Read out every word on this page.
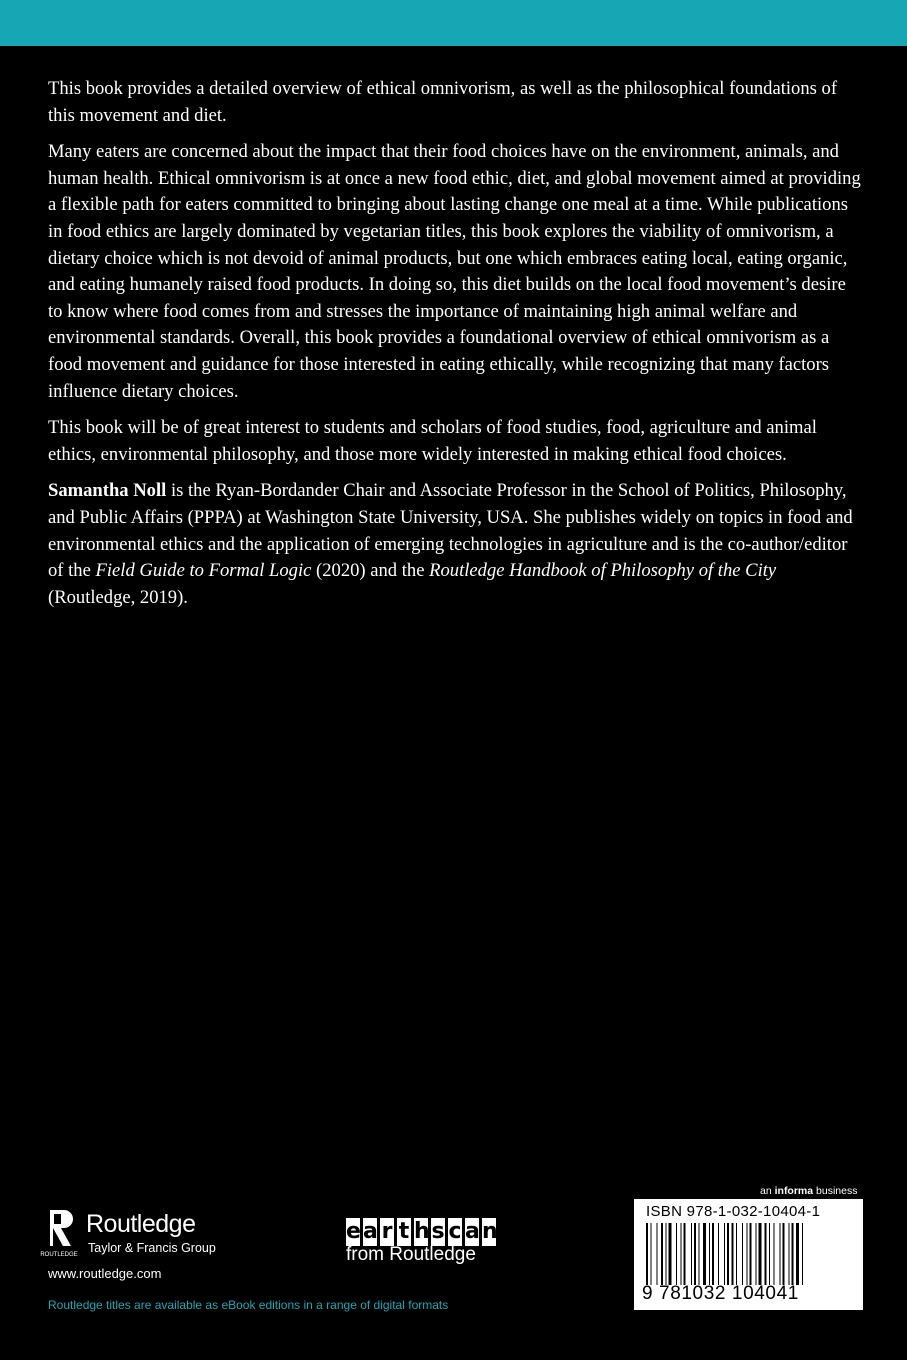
This book provides a detailed overview of ethical omnivorism, as well as the philosophical foundations of this movement and diet.

Many eaters are concerned about the impact that their food choices have on the environment, animals, and human health. Ethical omnivorism is at once a new food ethic, diet, and global movement aimed at providing a flexible path for eaters committed to bringing about lasting change one meal at a time. While publications in food ethics are largely dominated by vegetarian titles, this book explores the viability of omnivorism, a dietary choice which is not devoid of animal products, but one which embraces eating local, eating organic, and eating humanely raised food products. In doing so, this diet builds on the local food movement’s desire to know where food comes from and stresses the importance of maintaining high animal welfare and environmental standards. Overall, this book provides a foundational overview of ethical omnivorism as a food movement and guidance for those interested in eating ethically, while recognizing that many factors influence dietary choices.

This book will be of great interest to students and scholars of food studies, food, agriculture and animal ethics, environmental philosophy, and those more widely interested in making ethical food choices.

Samantha Noll is the Ryan-Bordander Chair and Associate Professor in the School of Politics, Philosophy, and Public Affairs (PPPA) at Washington State University, USA. She publishes widely on topics in food and environmental ethics and the application of emerging technologies in agriculture and is the co-author/editor of the Field Guide to Formal Logic (2020) and the Routledge Handbook of Philosophy of the City (Routledge, 2019).

ROUTLEDGE
Routledge
Taylor & Francis Group
www.routledge.com
Routledge titles are available as eBook editions in a range of digital formats
e a r t h s c a n
from Routledge
an informa business
ISBN 978-1-032-10404-1
9 781032 104041
